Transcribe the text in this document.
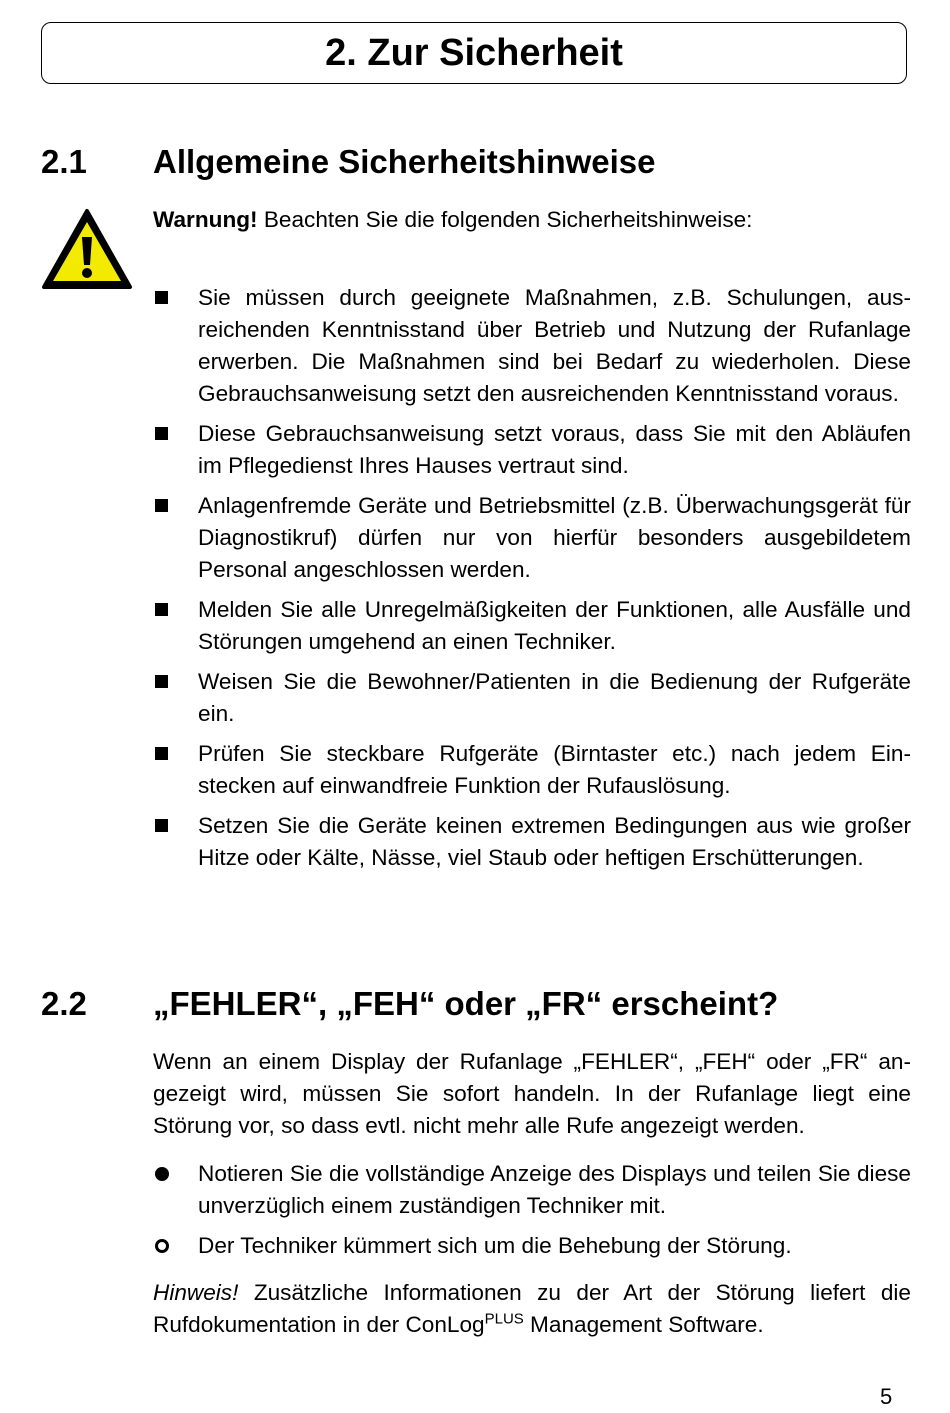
2. Zur Sicherheit
2.1	Allgemeine Sicherheitshinweise
Warnung! Beachten Sie die folgenden Sicherheitshinweise:
Sie müssen durch geeignete Maßnahmen, z.B. Schulungen, ausreichenden Kenntnisstand über Betrieb und Nutzung der Rufanlage erwerben. Die Maßnahmen sind bei Bedarf zu wiederholen. Diese Gebrauchsanweisung setzt den ausreichenden Kenntnisstand voraus.
Diese Gebrauchsanweisung setzt voraus, dass Sie mit den Abläufen im Pflegedienst Ihres Hauses vertraut sind.
Anlagenfremde Geräte und Betriebsmittel (z.B. Überwachungsgerät für Diagnostikruf) dürfen nur von hierfür besonders ausgebildetem Personal angeschlossen werden.
Melden Sie alle Unregelmäßigkeiten der Funktionen, alle Ausfälle und Störungen umgehend an einen Techniker.
Weisen Sie die Bewohner/Patienten in die Bedienung der Rufgeräte ein.
Prüfen Sie steckbare Rufgeräte (Birntaster etc.) nach jedem Einstecken auf einwandfreie Funktion der Rufauslösung.
Setzen Sie die Geräte keinen extremen Bedingungen aus wie großer Hitze oder Kälte, Nässe, viel Staub oder heftigen Erschütterungen.
2.2	„FEHLER“, „FEH“ oder „FR“ erscheint?
Wenn an einem Display der Rufanlage „FEHLER“, „FEH“ oder „FR“ angezeigt wird, müssen Sie sofort handeln. In der Rufanlage liegt eine Störung vor, so dass evtl. nicht mehr alle Rufe angezeigt werden.
Notieren Sie die vollständige Anzeige des Displays und teilen Sie diese unverzüglich einem zuständigen Techniker mit.
Der Techniker kümmert sich um die Behebung der Störung.
Hinweis! Zusätzliche Informationen zu der Art der Störung liefert die Rufdokumentation in der ConLog$^{PLUS}$ Management Software.
5
